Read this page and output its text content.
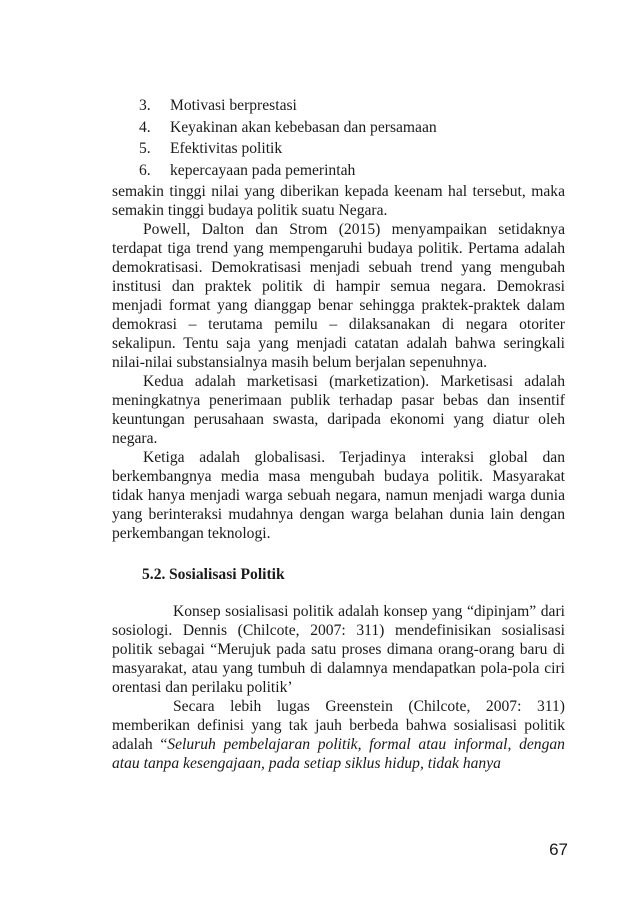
3. Motivasi berprestasi
4. Keyakinan akan kebebasan dan persamaan
5. Efektivitas politik
6. kepercayaan pada pemerintah

semakin tinggi nilai yang diberikan kepada keenam hal tersebut, maka semakin tinggi budaya politik suatu Negara.

Powell, Dalton dan Strom (2015) menyampaikan setidaknya terdapat tiga trend yang mempengaruhi budaya politik. Pertama adalah demokratisasi. Demokratisasi menjadi sebuah trend yang mengubah institusi dan praktek politik di hampir semua negara. Demokrasi menjadi format yang dianggap benar sehingga praktek-praktek dalam demokrasi – terutama pemilu – dilaksanakan di negara otoriter sekalipun. Tentu saja yang menjadi catatan adalah bahwa seringkali nilai-nilai substansialnya masih belum berjalan sepenuhnya.

Kedua adalah marketisasi (marketization). Marketisasi adalah meningkatnya penerimaan publik terhadap pasar bebas dan insentif keuntungan perusahaan swasta, daripada ekonomi yang diatur oleh negara.

Ketiga adalah globalisasi. Terjadinya interaksi global dan berkembangnya media masa mengubah budaya politik. Masyarakat tidak hanya menjadi warga sebuah negara, namun menjadi warga dunia yang berinteraksi mudahnya dengan warga belahan dunia lain dengan perkembangan teknologi.

5.2. Sosialisasi Politik

Konsep sosialisasi politik adalah konsep yang “dipinjam” dari sosiologi. Dennis (Chilcote, 2007: 311) mendefinisikan sosialisasi politik sebagai “Merujuk pada satu proses dimana orang-orang baru di masyarakat, atau yang tumbuh di dalamnya mendapatkan pola-pola ciri orentasi dan perilaku politik’

Secara lebih lugas Greenstein (Chilcote, 2007: 311) memberikan definisi yang tak jauh berbeda bahwa sosialisasi politik adalah “Seluruh pembelajaran politik, formal atau informal, dengan atau tanpa kesengajaan, pada setiap siklus hidup, tidak hanya

67
